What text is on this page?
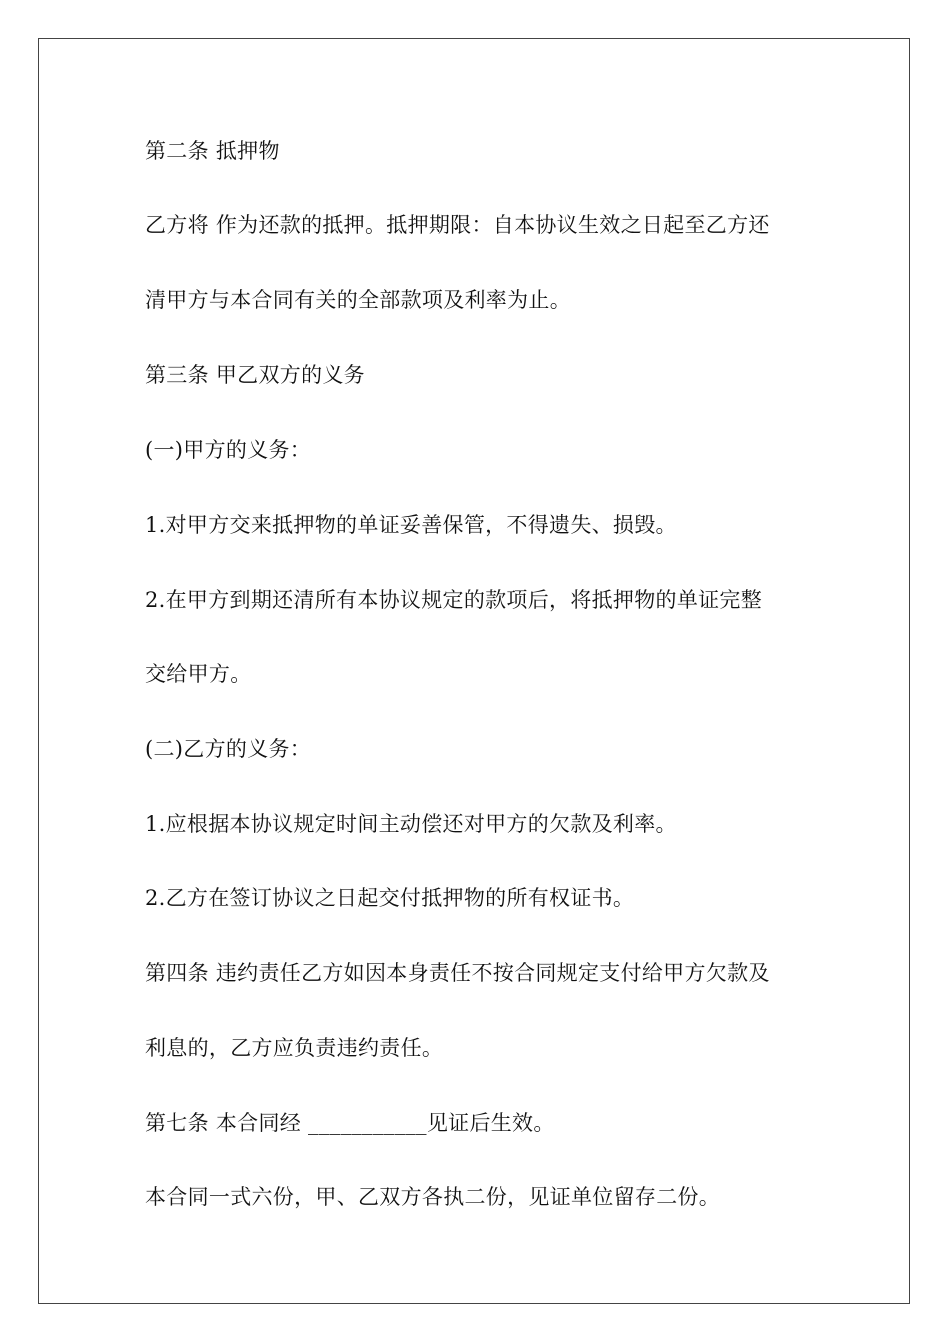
第二条 抵押物
乙方将 作为还款的抵押。抵押期限：自本协议生效之日起至乙方还
清甲方与本合同有关的全部款项及利率为止。
第三条 甲乙双方的义务
(一)甲方的义务：
1.对甲方交来抵押物的单证妥善保管，不得遗失、损毁。
2.在甲方到期还清所有本协议规定的款项后，将抵押物的单证完整
交给甲方。
(二)乙方的义务：
1.应根据本协议规定时间主动偿还对甲方的欠款及利率。
2.乙方在签订协议之日起交付抵押物的所有权证书。
第四条 违约责任乙方如因本身责任不按合同规定支付给甲方欠款及
利息的，乙方应负责违约责任。
第七条 本合同经 ___________见证后生效。
本合同一式六份，甲、乙双方各执二份，见证单位留存二份。
